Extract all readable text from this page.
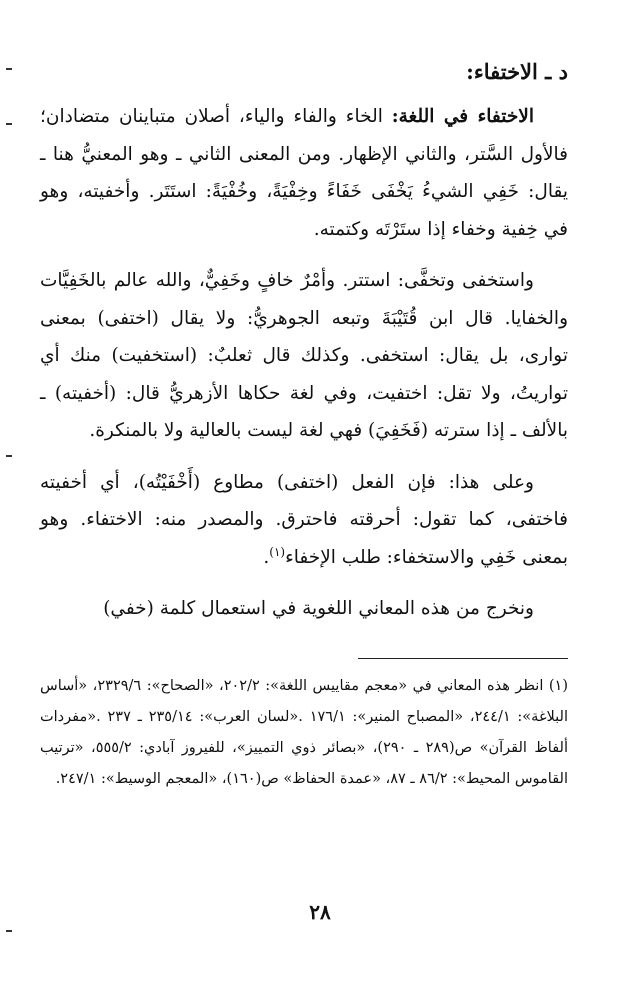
د ـ الاختفاء:

الاختفاء في اللغة: الخاء والفاء والياء، أصلان متباينان متضادان؛ فالأول السَّتر، والثاني الإظهار. ومن المعنى الثاني ـ وهو المعنيُّ هنا ـ يقال: خَفِي الشيءُ يَخْفَى خَفَاءً وخِفْيَةً، وخُفْيَةً: استَتَر. وأخفيته، وهو في خِفية وخفاء إذا ستَرْتَه وكتمته.

واستخفى وتخفَّى: استتر. وأمْرٌ خافٍ وخَفِيٌّ، والله عالم بالخَفِيَّات والخفايا. قال ابن قُتَيْبَةَ وتبعه الجوهريُّ: ولا يقال (اختفى) بمعنى توارى، بل يقال: استخفى. وكذلك قال ثعلبٌ: (استخفيت) منك أي تواريتُ، ولا تقل: اختفيت، وفي لغة حكاها الأزهريُّ قال: (أخفيته) ـ بالألف ـ إذا سترته (فَخَفِيَ) فهي لغة ليست بالعالية ولا بالمنكرة.

وعلى هذا: فإن الفعل (اختفى) مطاوع (أَخْفَيْتُه)، أي أخفيته فاختفى، كما تقول: أحرقته فاحترق. والمصدر منه: الاختفاء. وهو بمعنى خَفِي والاستخفاء: طلب الإخفاء$^{(١)}$.

ونخرج من هذه المعاني اللغوية في استعمال كلمة (خفي)

(١) انظر هذه المعاني في «معجم مقاييس اللغة»: ٢٠٢/٢، «الصحاح»: ٢٣٢٩/٦، «أساس البلاغة»: ٢٤٤/١، «المصباح المنير»: ١٧٦/١ .«لسان العرب»: ٢٣٥/١٤ ـ ٢٣٧ .«مفردات ألفاظ القرآن» ص(٢٨٩ ـ ٢٩٠)، «بصائر ذوي التمييز»، للفيروز آبادي: ٥٥٥/٢، «ترتيب القاموس المحيط»: ٨٦/٢ ـ ٨٧، «عمدة الحفاظ» ص(١٦٠)، «المعجم الوسيط»: ٢٤٧/١.

٢٨
